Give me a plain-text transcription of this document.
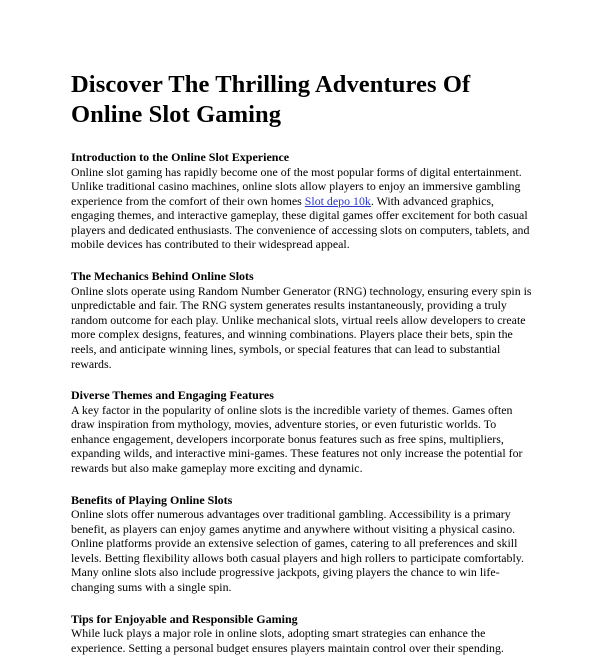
Discover The Thrilling Adventures Of Online Slot Gaming
Introduction to the Online Slot Experience

Online slot gaming has rapidly become one of the most popular forms of digital entertainment. Unlike traditional casino machines, online slots allow players to enjoy an immersive gambling experience from the comfort of their own homes Slot depo 10k. With advanced graphics, engaging themes, and interactive gameplay, these digital games offer excitement for both casual players and dedicated enthusiasts. The convenience of accessing slots on computers, tablets, and mobile devices has contributed to their widespread appeal.

The Mechanics Behind Online Slots

Online slots operate using Random Number Generator (RNG) technology, ensuring every spin is unpredictable and fair. The RNG system generates results instantaneously, providing a truly random outcome for each play. Unlike mechanical slots, virtual reels allow developers to create more complex designs, features, and winning combinations. Players place their bets, spin the reels, and anticipate winning lines, symbols, or special features that can lead to substantial rewards.

Diverse Themes and Engaging Features

A key factor in the popularity of online slots is the incredible variety of themes. Games often draw inspiration from mythology, movies, adventure stories, or even futuristic worlds. To enhance engagement, developers incorporate bonus features such as free spins, multipliers, expanding wilds, and interactive mini-games. These features not only increase the potential for rewards but also make gameplay more exciting and dynamic.

Benefits of Playing Online Slots

Online slots offer numerous advantages over traditional gambling. Accessibility is a primary benefit, as players can enjoy games anytime and anywhere without visiting a physical casino. Online platforms provide an extensive selection of games, catering to all preferences and skill levels. Betting flexibility allows both casual players and high rollers to participate comfortably. Many online slots also include progressive jackpots, giving players the chance to win life-changing sums with a single spin.

Tips for Enjoyable and Responsible Gaming

While luck plays a major role in online slots, adopting smart strategies can enhance the experience. Setting a personal budget ensures players maintain control over their spending.
